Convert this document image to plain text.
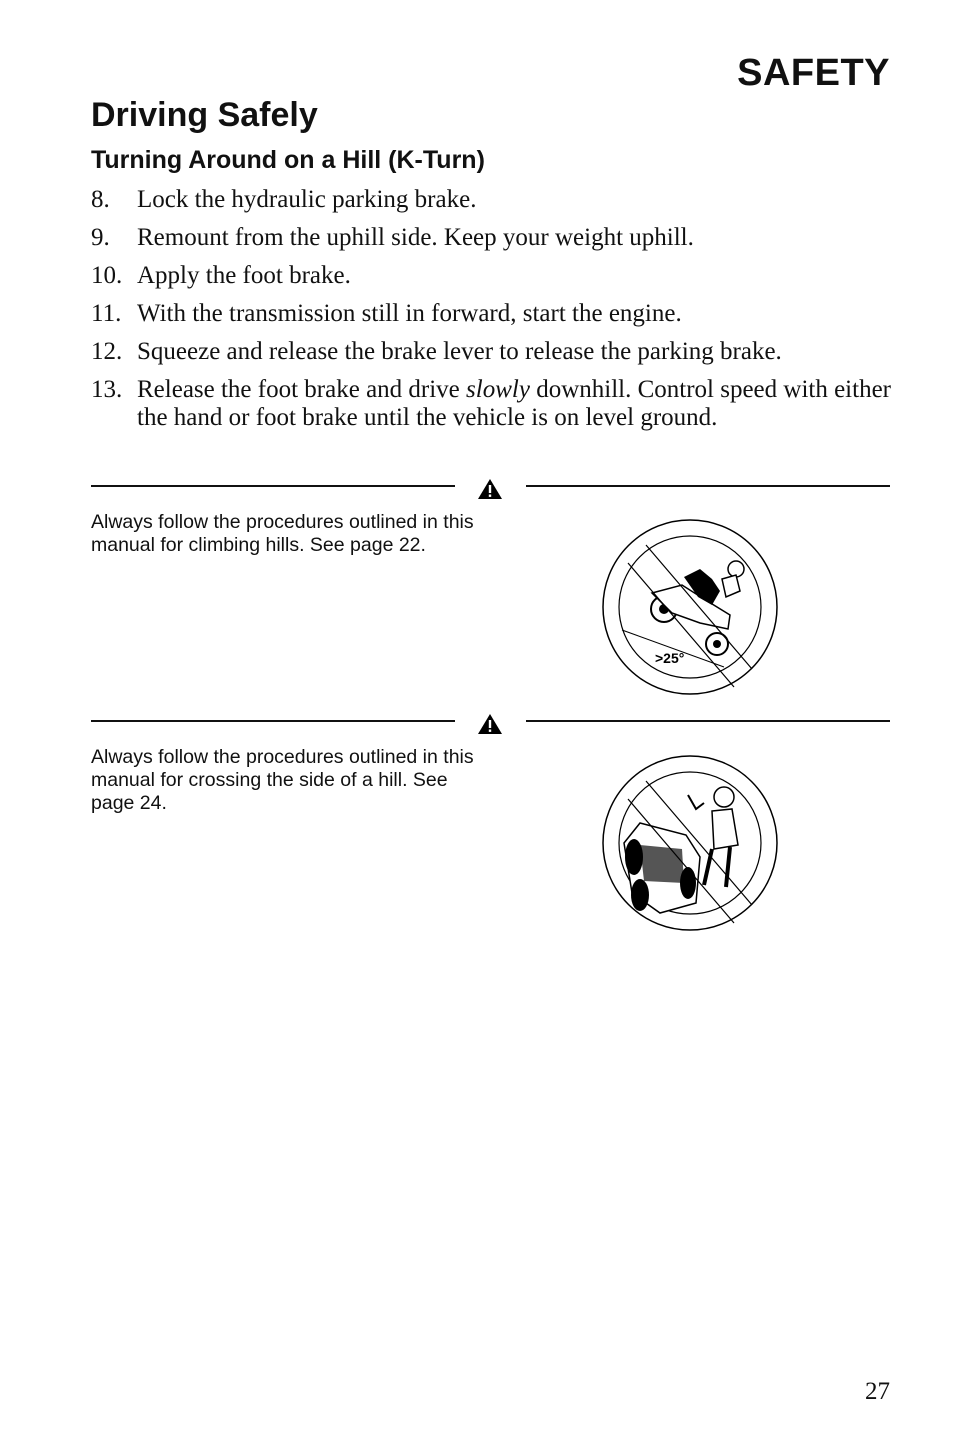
SAFETY
Driving Safely
Turning Around on a Hill (K-Turn)
8.	Lock the hydraulic parking brake.
9.	Remount from the uphill side. Keep your weight uphill.
10. Apply the foot brake.
11. With the transmission still in forward, start the engine.
12. Squeeze and release the brake lever to release the parking brake.
13. Release the foot brake and drive slowly downhill. Control speed with either the hand or foot brake until the vehicle is on level ground.
Always follow the procedures outlined in this manual for climbing hills. See page 22.
>25°
Always follow the procedures outlined in this manual for crossing the side of a hill. See page 24.
27
